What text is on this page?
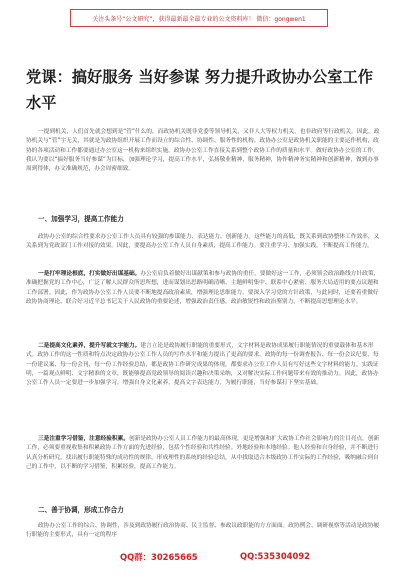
关注头条号“公文研究”，获得最新最全最专业的公文资料库！ 微信：gongwen1
党课：搞好服务 当好参谋 努力提升政协办公室工作
水平

一提到机关，人们首先就会想到是“管”什么的，而政协机关既非党委等领导机关，又非人大等权力机关，也非政府等行政机关。因此，政协机关与“管”字无关，其就是为政协组织开展工作而设立的综合性、协调性、服务性的机构。政协办公室是政协机关职能的主要运作机构，政协的各项活动和工作都要通过办公室这一机构来组织实施。政协办公室工作直接关系到整个政协工作的质量和水平。做好政协办公室的工作，我认为要以“搞好服务当好参谋”为目标，加强理论学习，提高工作水平，弘扬敬业精神，服务精神，协作精神务实精神和创新精神，做到办事周到得体，办文准确规范，办会周密细致。

一、加强学习，提高工作能力

政协办公室的综合性要求办公室工作人员具有较强的参谋能力、表达能力、创新能力。这些能力的高低，既关系到政协整体工作效率，又关系到为党政部门工作对接的效果。因此，要提高办公室工作人员自身素质，提高工作能力。要注重学习、加强实践，不断提高工作能力。

一是打牢理论根底，打实做好出谋基础。办公室肩负着做好出谋献策和参与政协的重任，要做好这一工作，必须领会政治路线方针政策，准确把握党的工作中心，广泛了解人民群众所思所想，进而谋划出思路明确清晰、主题鲜明集中、联系中心紧密、服务大局适用的要点议题和工作部署。因此，作为政协办公室工作人员要不断地提高政治素质，增强理论思维能力，要深入学习党的方针政策，与此同时，还要着重做好政协协商理论、联合好习近平总书记关于人民政协的重要论述，增强政治责任感，政治敏锐性和政治鉴别力，不断提高思想理论水平。

二是提高文化素养，提升写就文字能力。建言立论是政协履行职能的重要形式，文字材料是政协成果履行职能情况的重要载体和基本形式。政协工作的这一性质和特点决定政协办公室工作人员的写作水平和能力提出了更高的要求。政协的每一份调查报告、每一份会议纪要、每一份建议案、每一份会刊、每一份工作经验总结，都是政协工作研究成果的体现，都要求办公室工作人员有写好这些文字材料的能力。实践证明，一篇观点鲜明、文字精准的文章，既能够提高党政领导的阅读兴趣和决策采纳，又对解决实际工作问题带来有效的推动力。因此，政协办公室工作人员一定要进一步加强学习，增强自身文化素养，提高文字表达能力，为履行职能，当好参谋打下坚实基础。

三是注重学习借鉴，注意经验积累。创新是政协办公室人员工作能力的最高体现，更是增强和扩大政协工作社会影响力的注目亮点。创新工作，必须要重视收集和积累政协工作方面的先进经验，包括个性经验和共性经验。外地经验和本地经验。他人经验和自身经验，并不断进行认真分析研究，找出履行职能特殊的成功性的规律，形成理性的系统的经验总结，从中找取适合本级政协工作实际的工作经验，吸纳融合到自己的工作中，以不断的学习借鉴，积累经验，提高工作能力。

二、善于协调，形成工作合力

政协办公室工作的综合、协调性，涉及到政协履行政治协商、民主监督、参政议政职能的方方面面。政协例会、调研视察等活动是政协履行职能的主要形式，具有一定的程序

QQ群：30265665	QQ:535304092
